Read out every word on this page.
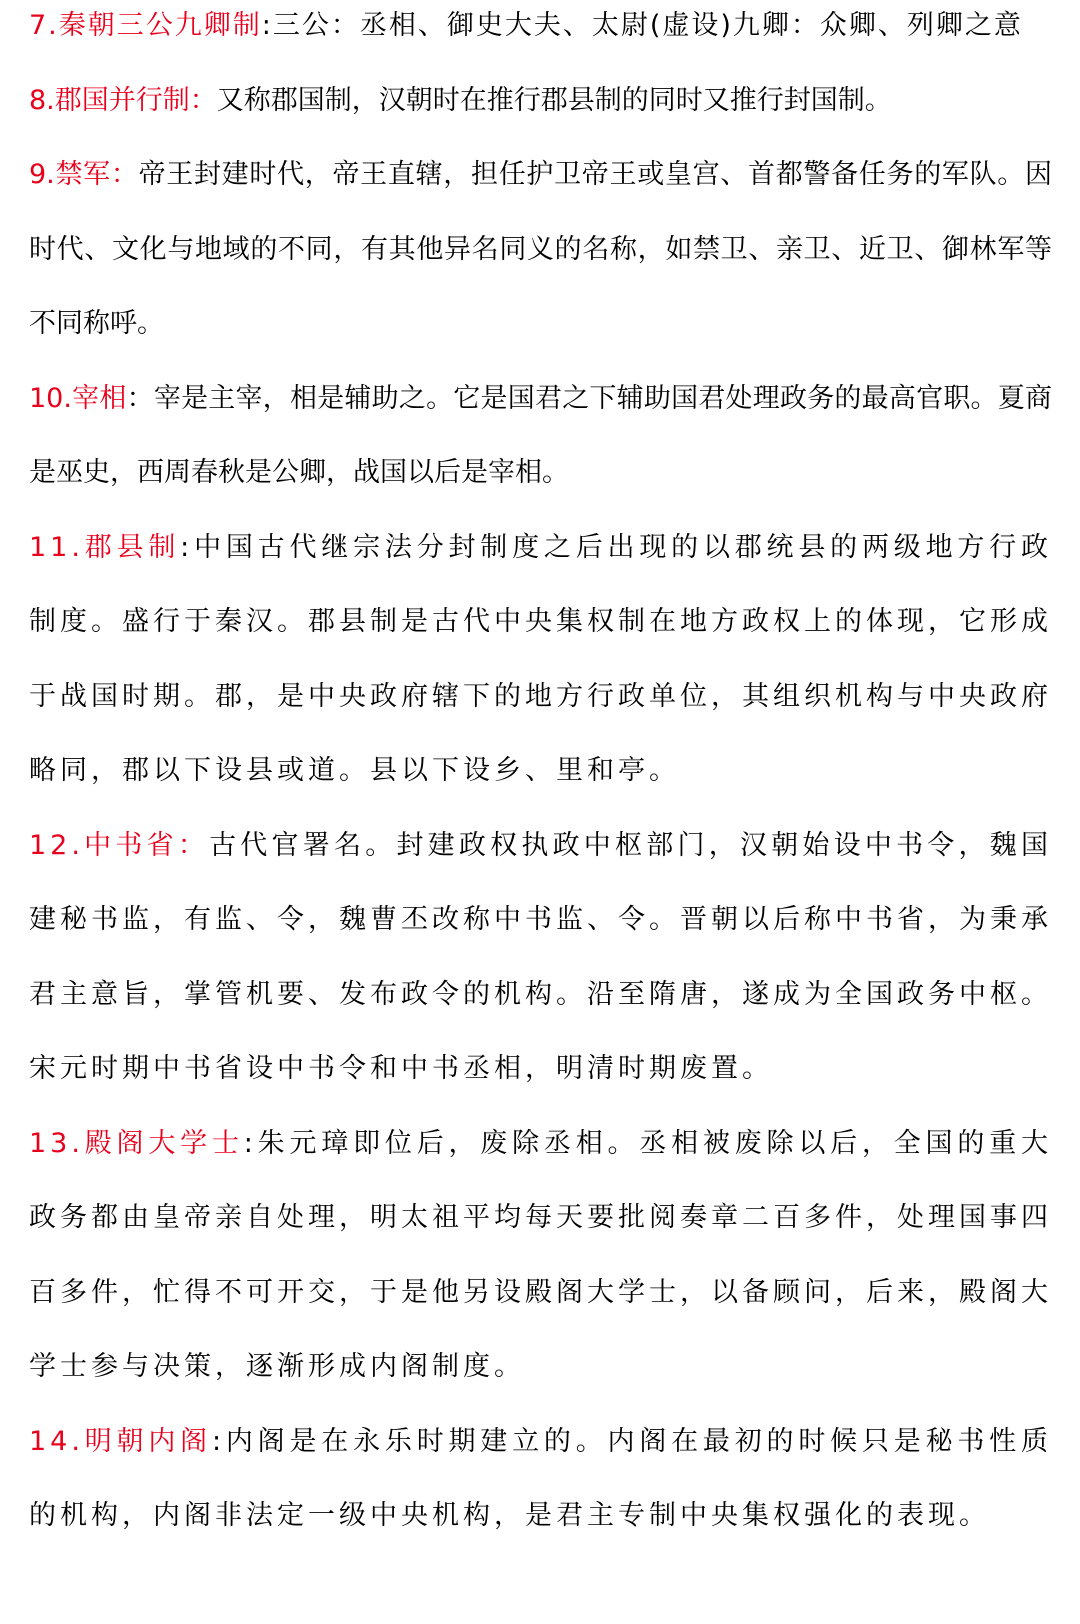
7.秦朝三公九卿制:三公：丞相、御史大夫、太尉(虚设)九卿：众卿、列卿之意

8.郡国并行制：又称郡国制，汉朝时在推行郡县制的同时又推行封国制。

9.禁军：帝王封建时代，帝王直辖，担任护卫帝王或皇宫、首都警备任务的军队。因时代、文化与地域的不同，有其他异名同义的名称，如禁卫、亲卫、近卫、御林军等不同称呼。

10.宰相：宰是主宰，相是辅助之。它是国君之下辅助国君处理政务的最高官职。夏商是巫史，西周春秋是公卿，战国以后是宰相。

11.郡县制:中国古代继宗法分封制度之后出现的以郡统县的两级地方行政制度。盛行于秦汉。郡县制是古代中央集权制在地方政权上的体现，它形成于战国时期。郡，是中央政府辖下的地方行政单位，其组织机构与中央政府略同，郡以下设县或道。县以下设乡、里和亭。

12.中书省：古代官署名。封建政权执政中枢部门，汉朝始设中书令，魏国建秘书监，有监、令，魏曹丕改称中书监、令。晋朝以后称中书省，为秉承君主意旨，掌管机要、发布政令的机构。沿至隋唐，遂成为全国政务中枢。宋元时期中书省设中书令和中书丞相，明清时期废置。

13.殿阁大学士:朱元璋即位后，废除丞相。丞相被废除以后，全国的重大政务都由皇帝亲自处理，明太祖平均每天要批阅奏章二百多件，处理国事四百多件，忙得不可开交，于是他另设殿阁大学士，以备顾问，后来，殿阁大学士参与决策，逐渐形成内阁制度。

14.明朝内阁:内阁是在永乐时期建立的。内阁在最初的时候只是秘书性质的机构，内阁非法定一级中央机构，是君主专制中央集权强化的表现。
